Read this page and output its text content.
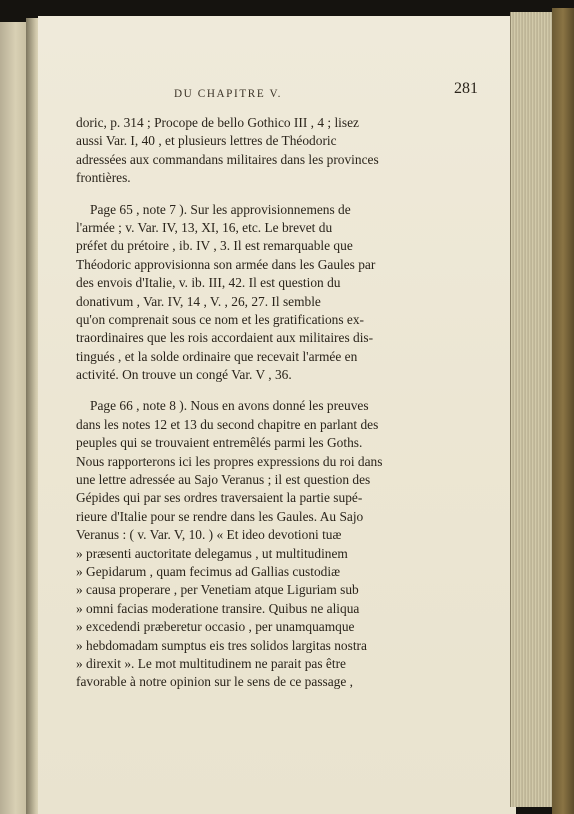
DU CHAPITRE V.	281
doric, p. 314 ; Procope de bello Gothico III , 4 ; lisez
aussi Var. I, 40 , et plusieurs lettres de Théodoric
adressées aux commandans militaires dans les provinces
frontières.
Page 65 , note 7 ). Sur les approvisionnemens de
l'armée ; v. Var. IV, 13, XI, 16, etc. Le brevet du
préfet du prétoire , ib. IV , 3. Il est remarquable que
Théodoric approvisionna son armée dans les Gaules par
des envois d'Italie, v. ib. III, 42. Il est question du
donativum , Var. IV, 14 , V. , 26, 27. Il semble
qu'on comprenait sous ce nom et les gratifications ex-
traordinaires que les rois accordaient aux militaires dis-
tingués , et la solde ordinaire que recevait l'armée en
activité. On trouve un congé Var. V , 36.
Page 66 , note 8 ). Nous en avons donné les preuves
dans les notes 12 et 13 du second chapitre en parlant des
peuples qui se trouvaient entremêlés parmi les Goths.
Nous rapporterons ici les propres expressions du roi dans
une lettre adressée au Sajo Veranus ; il est question des
Gépides qui par ses ordres traversaient la partie supé-
rieure d'Italie pour se rendre dans les Gaules. Au Sajo
Veranus : ( v. Var. V, 10. ) « Et ideo devotioni tuæ
» præsenti auctoritate delegamus , ut multitudinem
» Gepidarum , quam fecimus ad Gallias custodiæ
» causa properare , per Venetiam atque Liguriam sub
» omni facias moderatione transire. Quibus ne aliqua
» excedendi præberetur occasio , per unamquamque
» hebdomadam sumptus eis tres solidos largitas nostra
» direxit ». Le mot multitudinem ne parait pas être
favorable à notre opinion sur le sens de ce passage ,
